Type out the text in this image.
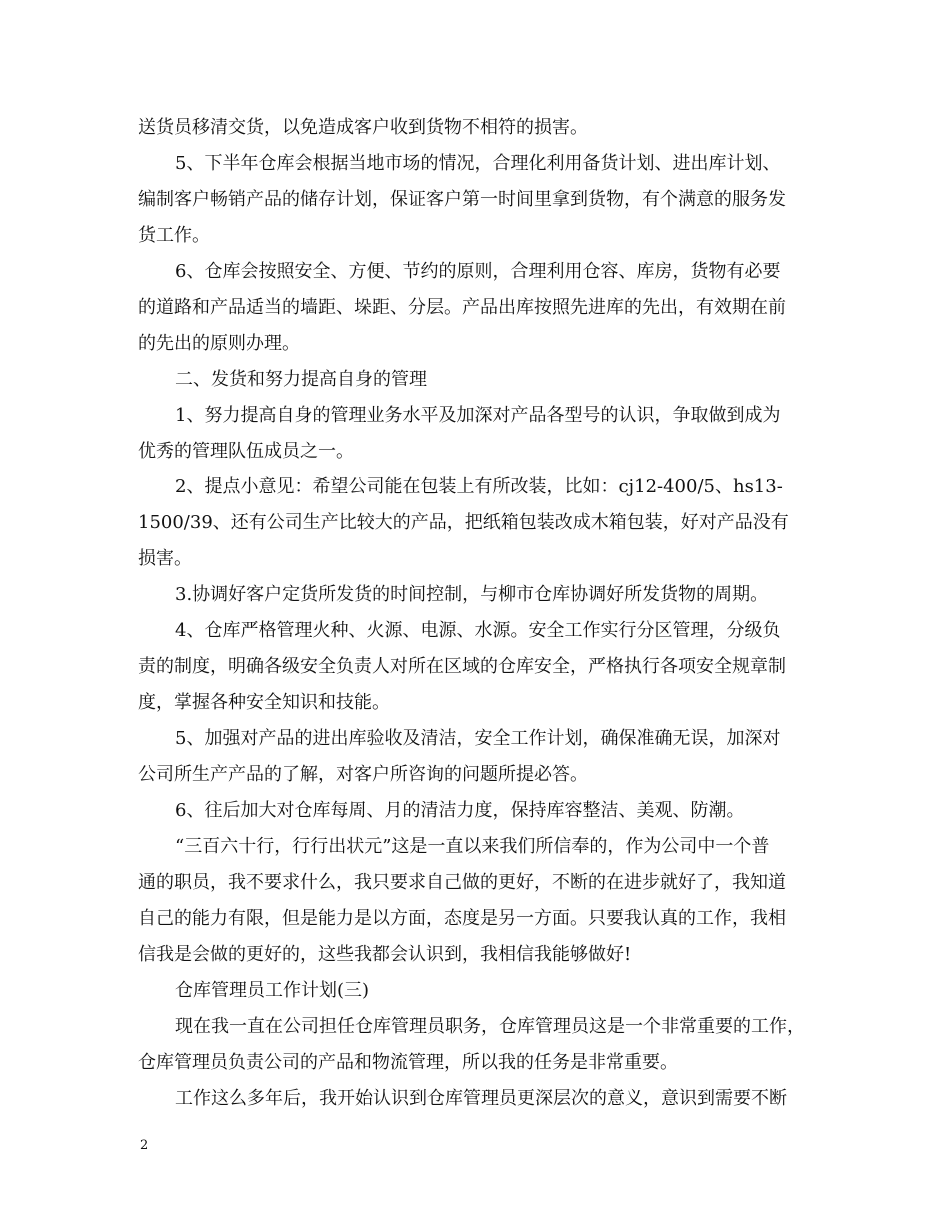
送货员移清交货，以免造成客户收到货物不相符的损害。

5、下半年仓库会根据当地市场的情况，合理化利用备货计划、进出库计划、

编制客户畅销产品的储存计划，保证客户第一时间里拿到货物，有个满意的服务发

货工作。

6、仓库会按照安全、方便、节约的原则，合理利用仓容、库房，货物有必要

的道路和产品适当的墙距、垛距、分层。产品出库按照先进库的先出，有效期在前

的先出的原则办理。

二、发货和努力提高自身的管理

1、努力提高自身的管理业务水平及加深对产品各型号的认识，争取做到成为

优秀的管理队伍成员之一。

2、提点小意见：希望公司能在包装上有所改装，比如：cj12-400/5、hs13-

1500/39、还有公司生产比较大的产品，把纸箱包装改成木箱包装，好对产品没有

损害。

3.协调好客户定货所发货的时间控制，与柳市仓库协调好所发货物的周期。

4、仓库严格管理火种、火源、电源、水源。安全工作实行分区管理，分级负

责的制度，明确各级安全负责人对所在区域的仓库安全，严格执行各项安全规章制

度，掌握各种安全知识和技能。

5、加强对产品的进出库验收及清洁，安全工作计划，确保准确无误，加深对

公司所生产产品的了解，对客户所咨询的问题所提必答。

6、往后加大对仓库每周、月的清洁力度，保持库容整洁、美观、防潮。

“三百六十行，行行出状元”这是一直以来我们所信奉的，作为公司中一个普

通的职员，我不要求什么，我只要求自己做的更好，不断的在进步就好了，我知道

自己的能力有限，但是能力是以方面，态度是另一方面。只要我认真的工作，我相

信我是会做的更好的，这些我都会认识到，我相信我能够做好!

仓库管理员工作计划(三)

现在我一直在公司担任仓库管理员职务，仓库管理员这是一个非常重要的工作，

仓库管理员负责公司的产品和物流管理，所以我的任务是非常重要。

工作这么多年后，我开始认识到仓库管理员更深层次的意义，意识到需要不断

2
